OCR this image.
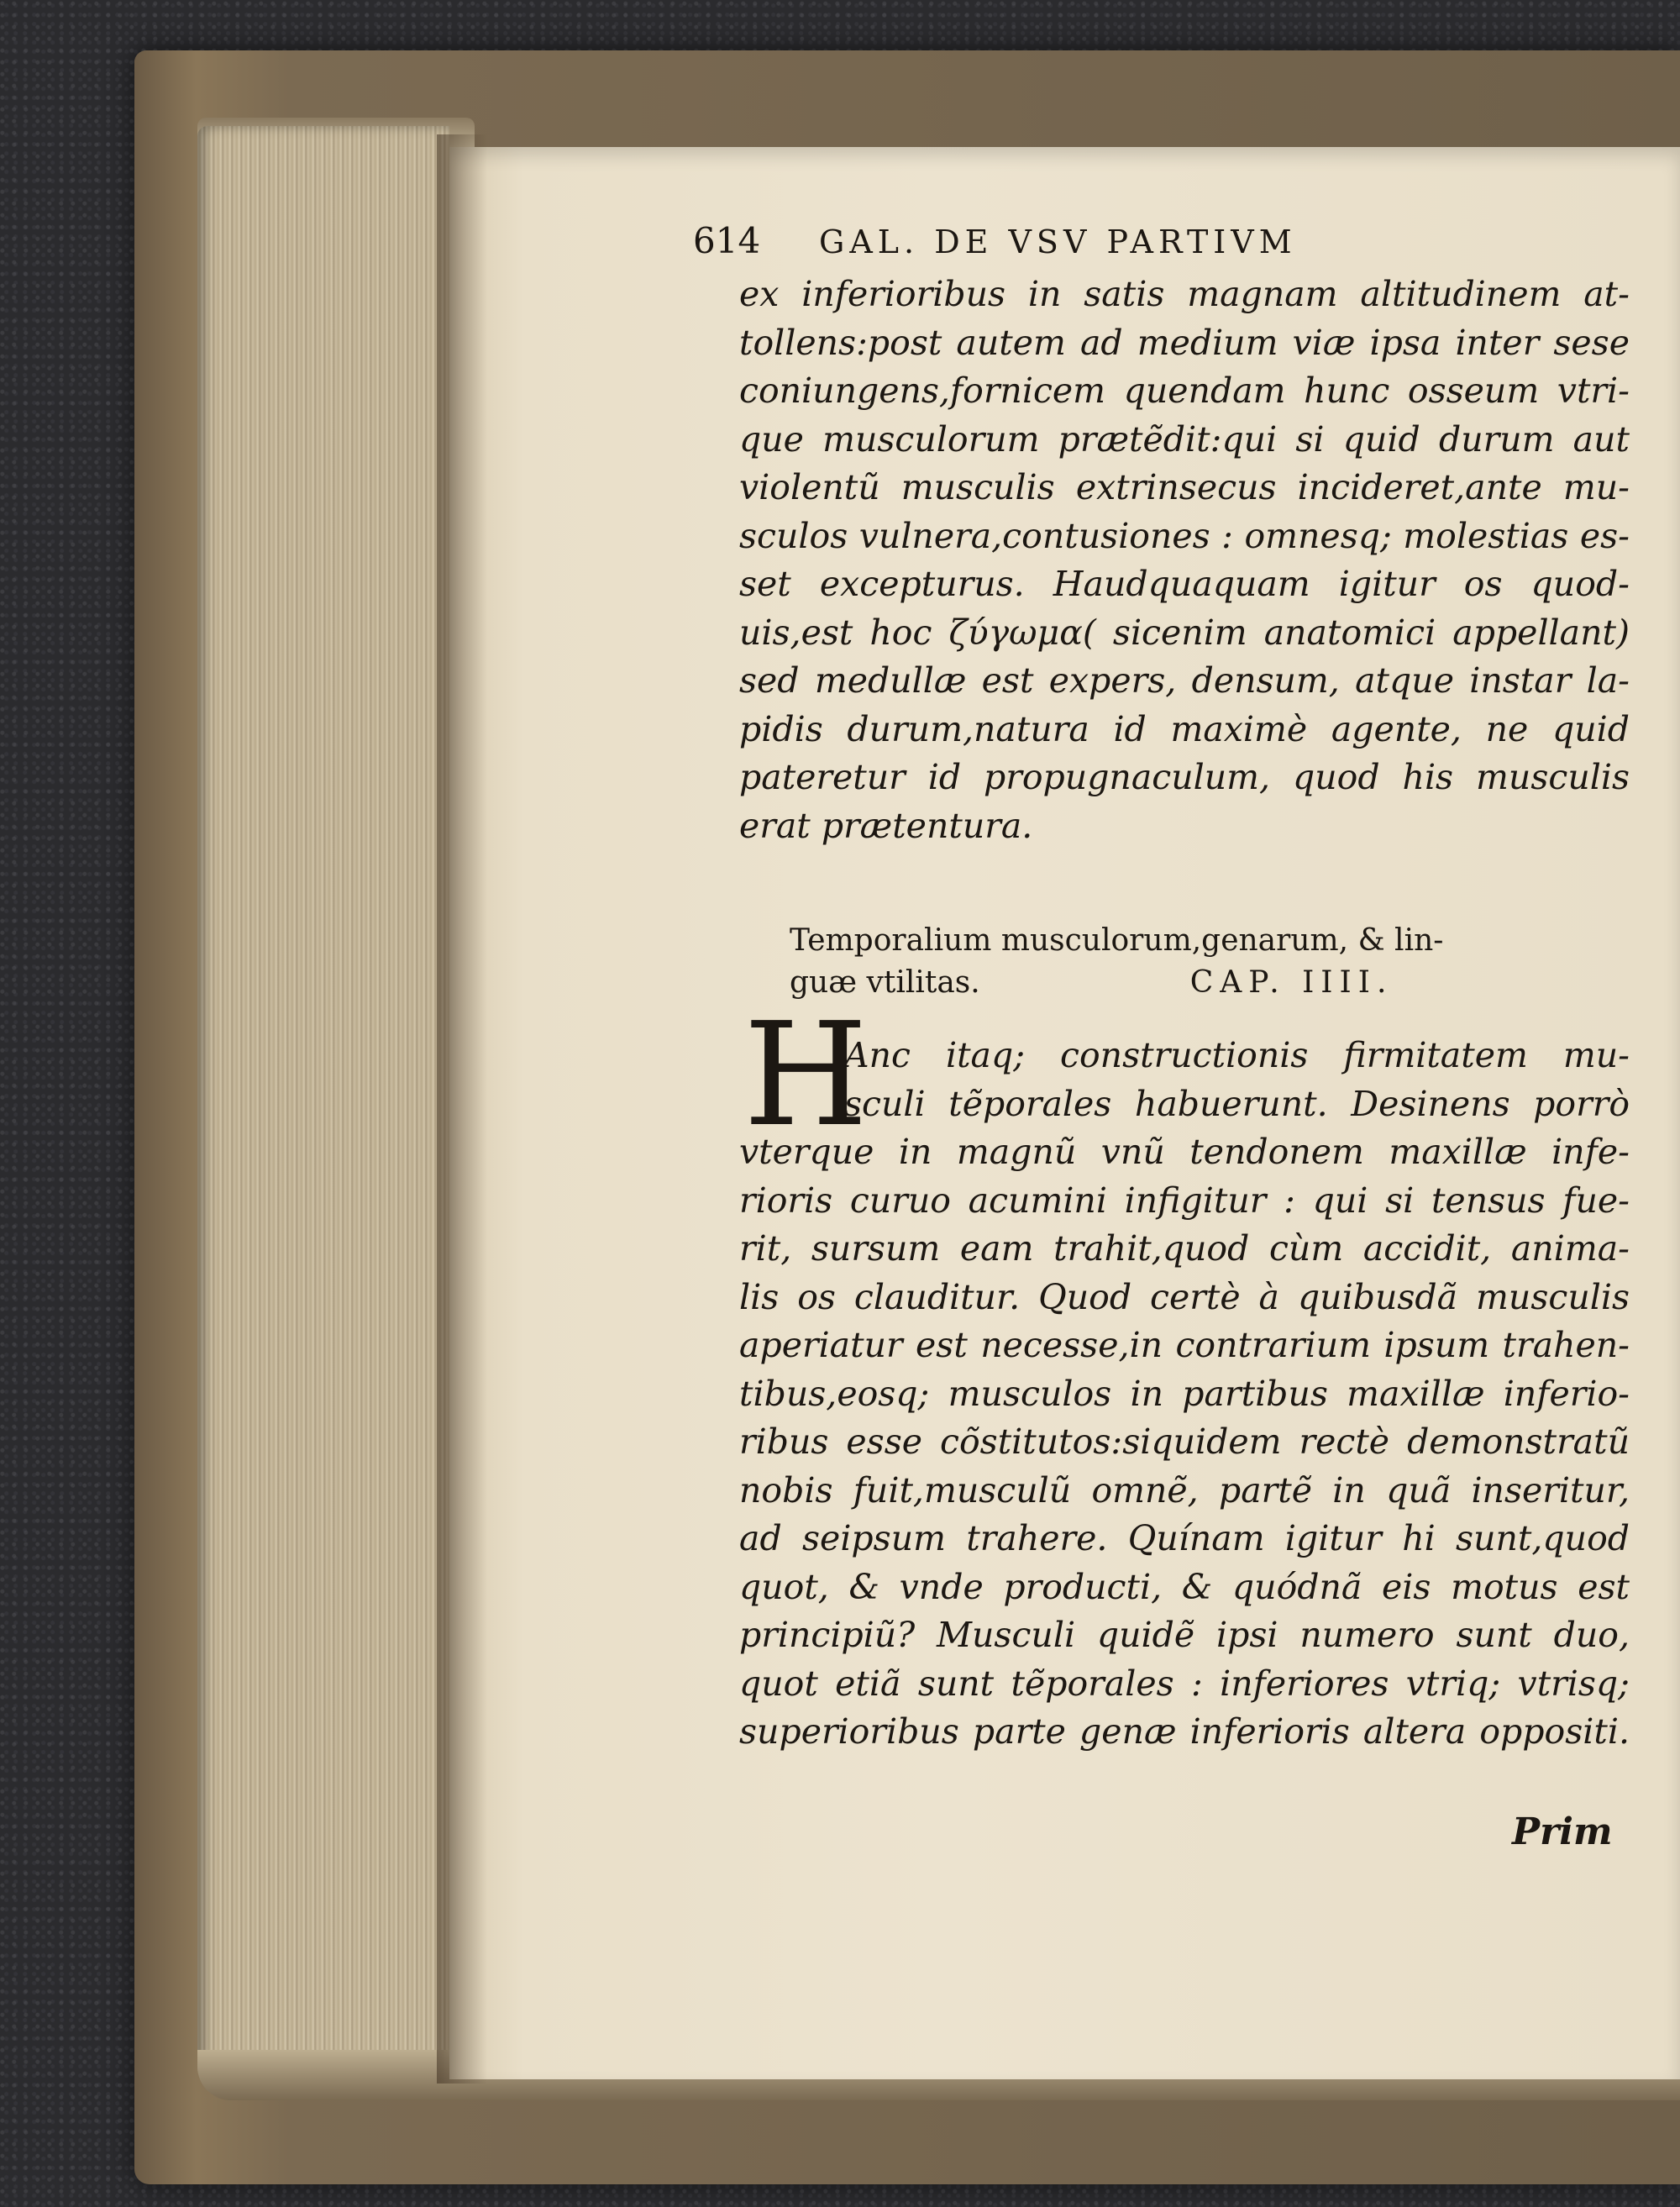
614 GAL. DE VSV PARTIVM
ex inferioribus in satis magnam altitudinem at-
tollens:post autem ad medium viæ ipsa inter sese
coniungens,fornicem quendam hunc osseum vtri-
que musculorum prætẽdit:qui si quid durum aut
violentũ musculis extrinsecus incideret,ante mu-
sculos vulnera,contusiones : omnesq; molestias es-
set excepturus. Haudquaquam igitur os quod-
uis,est hoc ζύγωμα( sicenim anatomici appellant)
sed medullæ est expers, densum, atque instar la-
pidis durum,natura id maximè agente, ne quid
pateretur id propugnaculum, quod his musculis
erat prætentura.
Temporalium musculorum,genarum, & lin-
guæ vtilitas.	CAP. IIII.
H
Anc itaq; constructionis firmitatem mu-
sculi tẽporales habuerunt. Desinens porrò
vterque in magnũ vnũ tendonem maxillæ infe-
rioris curuo acumini infigitur : qui si tensus fue-
rit, sursum eam trahit,quod cùm accidit, anima-
lis os clauditur. Quod certè à quibusdã musculis
aperiatur est necesse,in contrarium ipsum trahen-
tibus,eosq; musculos in partibus maxillæ inferio-
ribus esse cõstitutos:siquidem rectè demonstratũ
nobis fuit,musculũ omnẽ, partẽ in quã inseritur,
ad seipsum trahere. Quínam igitur hi sunt,quod
quot, & vnde producti, & quódnã eis motus est
principiũ? Musculi quidẽ ipsi numero sunt duo,
quot etiã sunt tẽporales : inferiores vtriq; vtrisq;
superioribus parte genæ inferioris altera oppositi.
Prim
